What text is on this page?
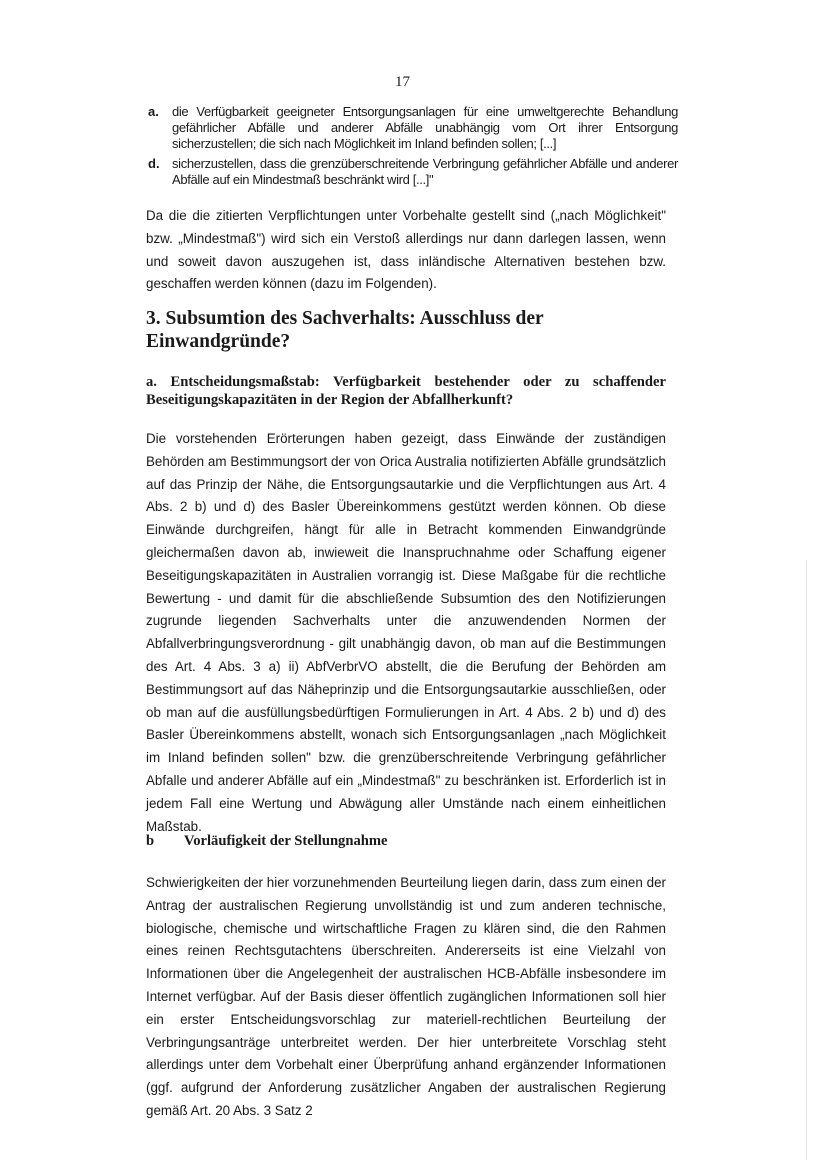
17
a. die Verfügbarkeit geeigneter Entsorgungsanlagen für eine umweltgerechte Behandlung gefährlicher Abfälle und anderer Abfälle unabhängig vom Ort ihrer Entsorgung sicherzustellen; die sich nach Möglichkeit im Inland befinden sollen; [...]
d. sicherzustellen, dass die grenzüberschreitende Verbringung gefährlicher Abfälle und anderer Abfälle auf ein Mindestmaß beschränkt wird [...]"

Da die die zitierten Verpflichtungen unter Vorbehalte gestellt sind („nach Möglichkeit" bzw. „Mindestmaß") wird sich ein Verstoß allerdings nur dann darlegen lassen, wenn und soweit davon auszugehen ist, dass inländische Alternativen bestehen bzw. geschaffen werden können (dazu im Folgenden).

3. Subsumtion des Sachverhalts: Ausschluss der Einwandgründe?
a. Entscheidungsmaßstab: Verfügbarkeit bestehender oder zu schaffender Beseitigungskapazitäten in der Region der Abfallherkunft?

Die vorstehenden Erörterungen haben gezeigt, dass Einwände der zuständigen Behörden am Bestimmungsort der von Orica Australia notifizierten Abfälle grundsätzlich auf das Prinzip der Nähe, die Entsorgungsautarkie und die Verpflichtungen aus Art. 4 Abs. 2 b) und d) des Basler Übereinkommens gestützt werden können. Ob diese Einwände durchgreifen, hängt für alle in Betracht kommenden Einwandgründe gleichermaßen davon ab, inwieweit die Inanspruchnahme oder Schaffung eigener Beseitigungskapazitäten in Australien vorrangig ist. Diese Maßgabe für die rechtliche Bewertung - und damit für die abschließende Subsumtion des den Notifizierungen zugrunde liegenden Sachverhalts unter die anzuwendenden Normen der Abfallverbringungsverordnung - gilt unabhängig davon, ob man auf die Bestimmungen des Art. 4 Abs. 3 a) ii) AbfVerbrVO abstellt, die die Berufung der Behörden am Bestimmungsort auf das Näheprinzip und die Entsorgungsautarkie ausschließen, oder ob man auf die ausfüllungsbedürftigen Formulierungen in Art. 4 Abs. 2 b) und d) des Basler Übereinkommens abstellt, wonach sich Entsorgungsanlagen „nach Möglichkeit im Inland befinden sollen" bzw. die grenzüberschreitende Verbringung gefährlicher Abfalle und anderer Abfälle auf ein „Mindestmaß" zu beschränken ist. Erforderlich ist in jedem Fall eine Wertung und Abwägung aller Umstände nach einem einheitlichen Maßstab.

b Vorläufigkeit der Stellungnahme

Schwierigkeiten der hier vorzunehmenden Beurteilung liegen darin, dass zum einen der Antrag der australischen Regierung unvollständig ist und zum anderen technische, biologische, chemische und wirtschaftliche Fragen zu klären sind, die den Rahmen eines reinen Rechtsgutachtens überschreiten. Andererseits ist eine Vielzahl von Informationen über die Angelegenheit der australischen HCB-Abfälle insbesondere im Internet verfügbar. Auf der Basis dieser öffentlich zugänglichen Informationen soll hier ein erster Entscheidungsvorschlag zur materiell-rechtlichen Beurteilung der Verbringungsanträge unterbreitet werden. Der hier unterbreitete Vorschlag steht allerdings unter dem Vorbehalt einer Überprüfung anhand ergänzender Informationen (ggf. aufgrund der Anforderung zusätzlicher Angaben der australischen Regierung gemäß Art. 20 Abs. 3 Satz 2
